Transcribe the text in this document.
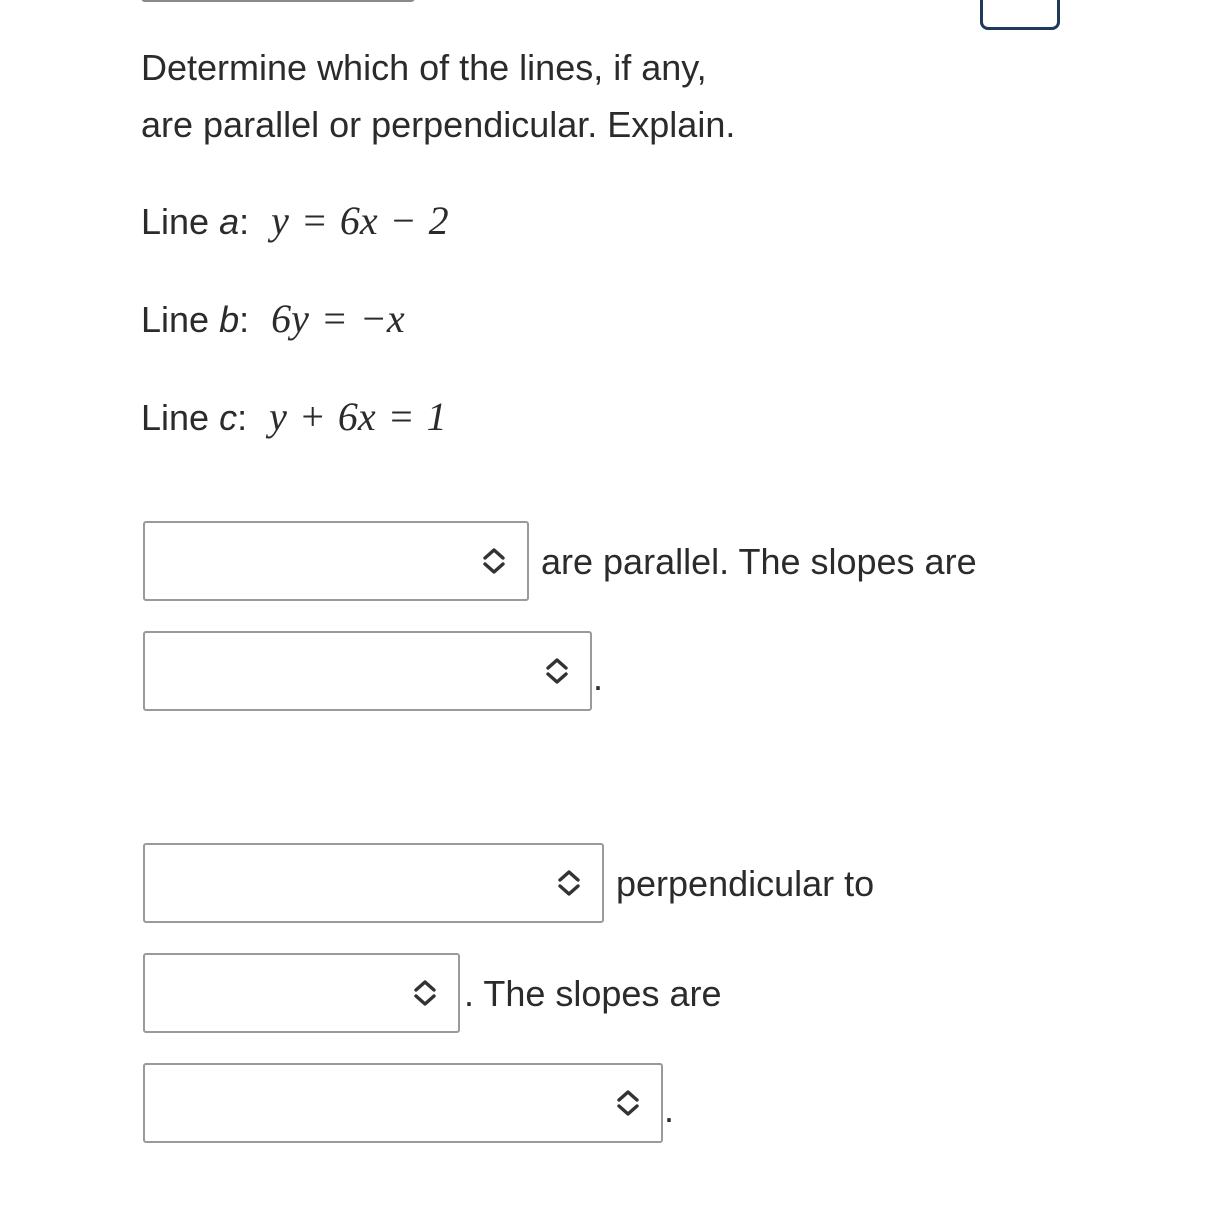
Determine which of the lines, if any,
are parallel or perpendicular. Explain.
Line a: y = 6x − 2
Line b: 6y = −x
Line c: y + 6x = 1
are parallel. The slopes are
.
perpendicular to
. The slopes are
.
